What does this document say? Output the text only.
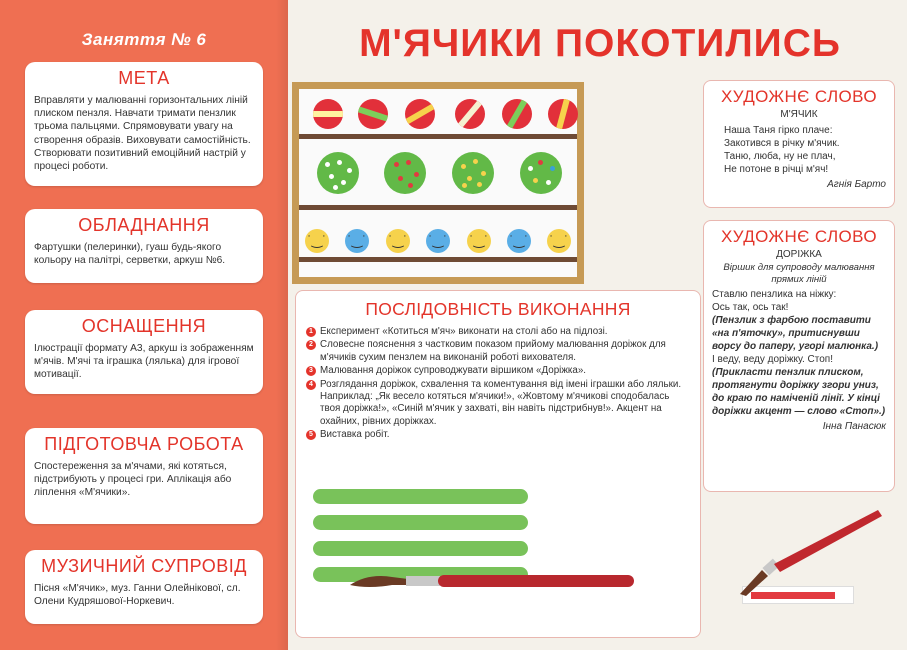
Заняття № 6
МЕТА

Вправляти у малюванні горизонтальних ліній плиском пензля. Навчати тримати пензлик трьома пальцями. Спрямовувати увагу на створення образів. Виховувати самостійність. Створювати позитивний емоційний настрій у процесі роботи.

ОБЛАДНАННЯ

Фартушки (пелеринки), гуаш будь-якого кольору на палітрі, серветки, аркуш №6.

ОСНАЩЕННЯ

Ілюстрації формату А3, аркуш із зображенням м'ячів. М'ячі та іграшка (лялька) для ігрової мотивації.

ПІДГОТОВЧА РОБОТА

Спостереження за м'ячами, які котяться, підстрибують у процесі гри. Аплікація або ліплення «М'ячики».

МУЗИЧНИЙ СУПРОВІД

Пісня «М'ячик», муз. Ганни Олейнікової, сл. Олени Кудряшової-Норкевич.

М'ЯЧИКИ ПОКОТИЛИСЬ
˙‿˙ ˙‿˙ ˙‿˙ ˙‿˙ ˙‿˙ ˙‿˙ ˙‿˙
ПОСЛІДОВНІСТЬ ВИКОНАННЯ
1 Експеримент «Котиться м'яч» виконати на столі або на підлозі.
2 Словесне пояснення з частковим показом прийому малювання доріжок для м'ячиків сухим пензлем на виконаній роботі вихователя.
3 Малювання доріжок супроводжувати віршиком «Доріжка».
4 Розглядання доріжок, схвалення та коментування від імені іграшки або ляльки. Наприклад: „Як весело котяться м'ячики!», «Жовтому м'ячикові сподобалась твоя доріжка!», «Синій м'ячик у захваті, він навіть підстрибнув!». Акцент на охайних, рівних доріжках.
5 Виставка робіт.
ХУДОЖНЄ СЛОВО
М'ЯЧИК
Наша Таня гірко плаче:
Закотився в річку м'ячик.
Таню, люба, ну не плач,
Не потоне в річці м'яч!
Агнія Барто
ХУДОЖНЄ СЛОВО
ДОРІЖКА
Віршик для супроводу малювання прямих ліній
Ставлю пензлика на ніжку:
Ось так, ось так!
(Пензлик з фарбою поставити «на п'яточку», притиснувши ворсу до паперу, угорі малюнка.)
І веду, веду доріжку. Стоп!
(Прикласти пензлик плиском, протягнути доріжку згори униз, до краю по наміченій лінії. У кінці доріжки акцент — слово «Стоп».)
Інна Панасюк
